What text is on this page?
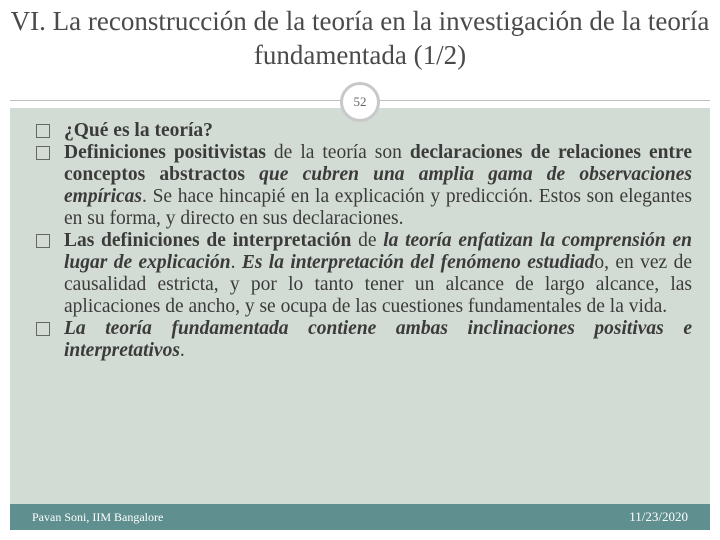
VI. La reconstrucción de la teoría en la investigación de la teoría fundamentada (1/2)
¿Qué es la teoría?
Definiciones positivistas de la teoría son declaraciones de relaciones entre conceptos abstractos que cubren una amplia gama de observaciones empíricas. Se hace hincapié en la explicación y predicción. Estos son elegantes en su forma, y directo en sus declaraciones.
Las definiciones de interpretación de la teoría enfatizan la comprensión en lugar de explicación. Es la interpretación del fenómeno estudiado, en vez de causalidad estricta, y por lo tanto tener un alcance de largo alcance, las aplicaciones de ancho, y se ocupa de las cuestiones fundamentales de la vida.
La teoría fundamentada contiene ambas inclinaciones positivas e interpretativos.
52
Pavan Soni, IIM Bangalore	11/23/2020
